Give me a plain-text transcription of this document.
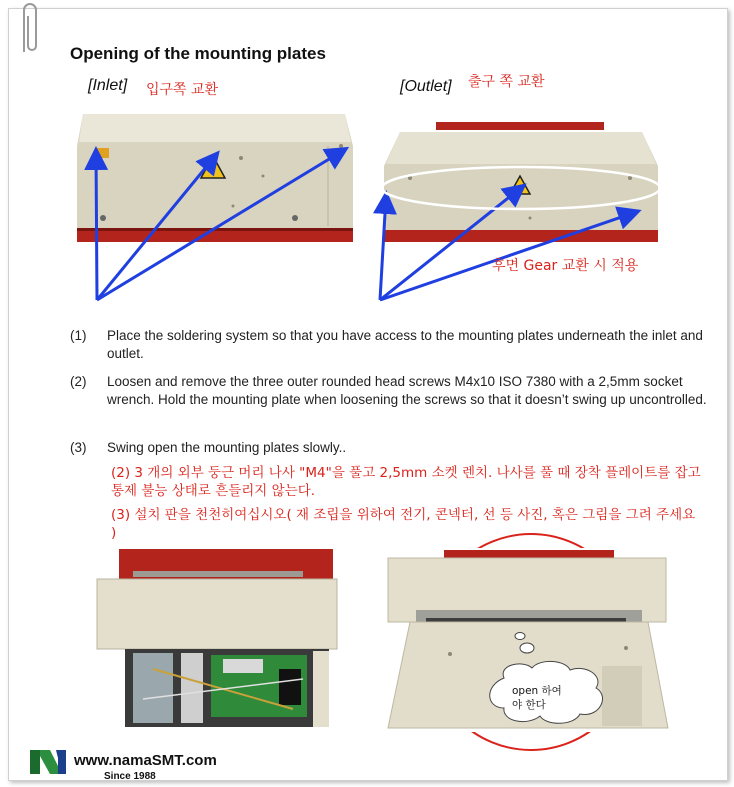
Opening of the mounting plates
[Inlet] 입구쪽 교환	[Outlet] 출구 쪽 교환
후면 Gear 교환 시 적용
(1)	Place the soldering system so that you have access to the mounting plates underneath the inlet and outlet.
(2)	Loosen and remove the three outer rounded head screws M4x10 ISO 7380 with a 2,5mm socket wrench. Hold the mounting plate when loosening the screws so that it doesn’t swing up uncontrolled.
(3)	Swing open the mounting plates slowly..
(2) 3 개의 외부 둥근 머리 나사 "M4"을 풀고 2,5mm 소켓 렌치. 나사를 풀 때 장착 플레이트를 잡고 통제 불능 상태로 흔들리지 않는다.
(3) 설치 판을 천천히여십시오( 재 조립을 위하여 전기, 콘넥터, 선 등 사진, 혹은 그림을 그려 주세요 )
open 하여
야 한다
www.namaSMT.com
Since 1988
